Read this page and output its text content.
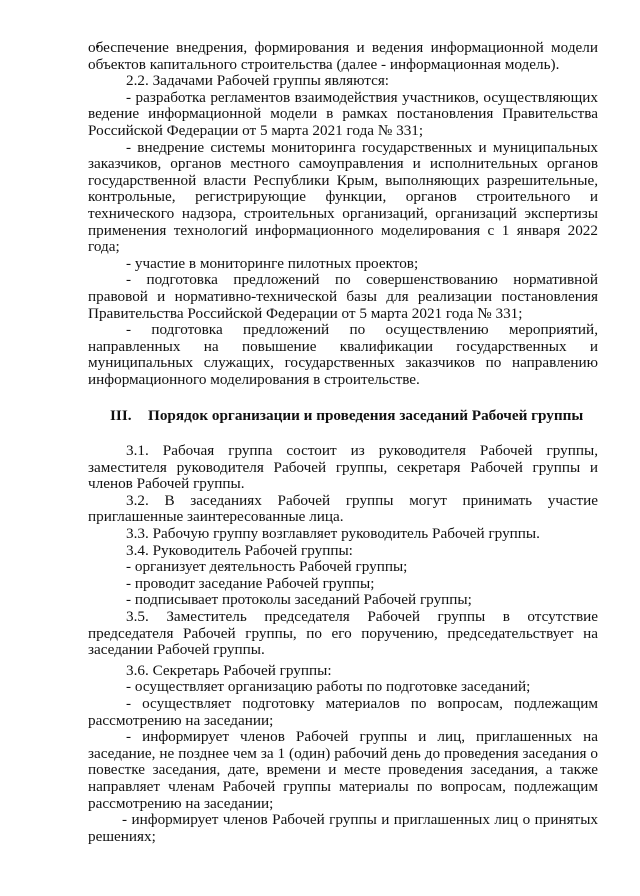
обеспечение внедрения, формирования и ведения информационной модели объектов капитального строительства (далее - информационная модель).

2.2. Задачами Рабочей группы являются:

- разработка регламентов взаимодействия участников, осуществляющих ведение информационной модели в рамках постановления Правительства Российской Федерации от 5 марта 2021 года № 331;

- внедрение системы мониторинга государственных и муниципальных заказчиков, органов местного самоуправления и исполнительных органов государственной власти Республики Крым, выполняющих разрешительные, контрольные, регистрирующие функции, органов строительного и технического надзора, строительных организаций, организаций экспертизы применения технологий информационного моделирования с 1 января 2022 года;

- участие в мониторинге пилотных проектов;

- подготовка предложений по совершенствованию нормативной правовой и нормативно-технической базы для реализации постановления Правительства Российской Федерации от 5 марта 2021 года № 331;

- подготовка предложений по осуществлению мероприятий, направленных на повышение квалификации государственных и муниципальных служащих, государственных заказчиков по направлению информационного моделирования в строительстве.

III. Порядок организации и проведения заседаний Рабочей группы

3.1. Рабочая группа состоит из руководителя Рабочей группы, заместителя руководителя Рабочей группы, секретаря Рабочей группы и членов Рабочей группы.

3.2. В заседаниях Рабочей группы могут принимать участие приглашенные заинтересованные лица.

3.3. Рабочую группу возглавляет руководитель Рабочей группы.

3.4. Руководитель Рабочей группы:

- организует деятельность Рабочей группы;

- проводит заседание Рабочей группы;

- подписывает протоколы заседаний Рабочей группы;

3.5. Заместитель председателя Рабочей группы в отсутствие председателя Рабочей группы, по его поручению, председательствует на заседании Рабочей группы.

3.6. Секретарь Рабочей группы:

- осуществляет организацию работы по подготовке заседаний;

- осуществляет подготовку материалов по вопросам, подлежащим рассмотрению на заседании;

- информирует членов Рабочей группы и лиц, приглашенных на заседание, не позднее чем за 1 (один) рабочий день до проведения заседания о повестке заседания, дате, времени и месте проведения заседания, а также направляет членам Рабочей группы материалы по вопросам, подлежащим рассмотрению на заседании;

- информирует членов Рабочей группы и приглашенных лиц о принятых решениях;
